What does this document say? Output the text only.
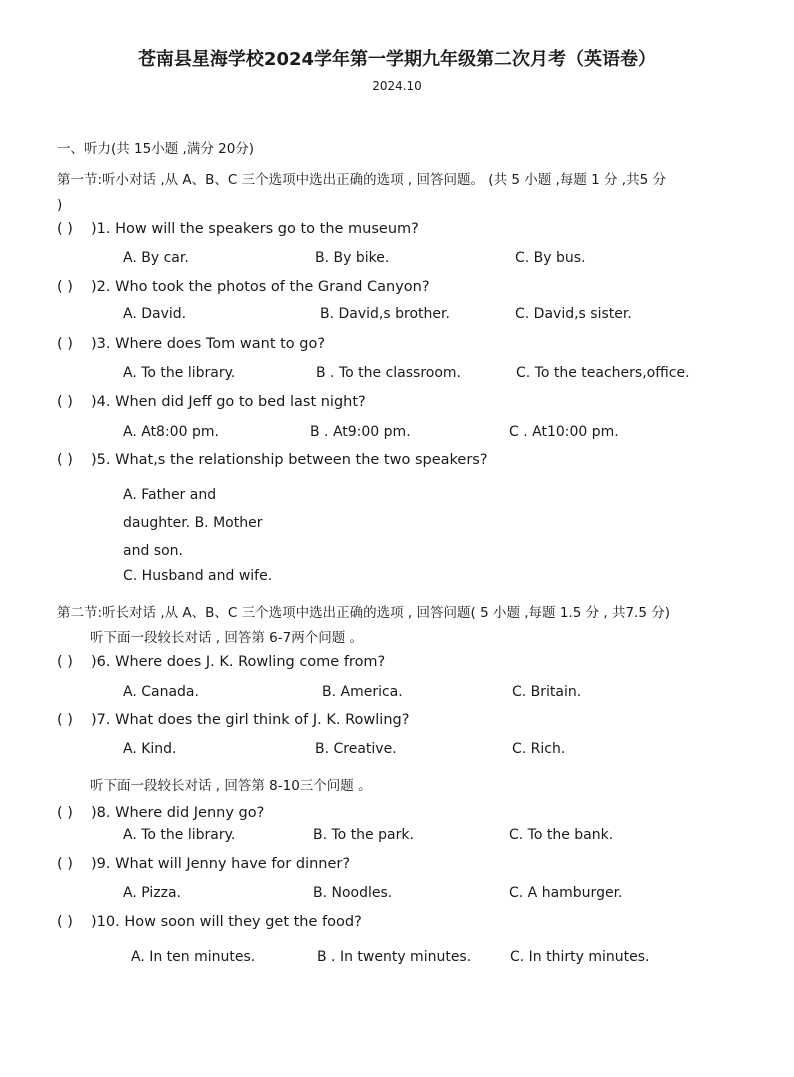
苍南县星海学校2024学年第一学期九年级第二次月考（英语卷）
2024.10
一、听力(共 15小题 ,满分 20分)
第一节:听小对话 ,从 A、B、C 三个选项中选出正确的选项 , 回答问题。 (共 5 小题 ,每题 1 分 ,共5 分
)
( ) )1. How will the speakers go to the museum?
A. By car.	B. By bike.	C. By bus.
( ) )2. Who took the photos of the Grand Canyon?
A. David.	B. David,s brother.	C. David,s sister.
( ) )3. Where does Tom want to go?
A. To the library.	B . To the classroom.	C. To the teachers,office.
( ) )4. When did Jeff go to bed last night?
A. At8:00 pm.	B . At9:00 pm.	C . At10:00 pm.
( ) )5. What,s the relationship between the two speakers?
A. Father and
daughter. B. Mother
and son.
C. Husband and wife.
第二节:听长对话 ,从 A、B、C 三个选项中选出正确的选项 , 回答问题( 5 小题 ,每题 1.5 分 , 共7.5 分)
听下面一段较长对话 , 回答第 6-7两个问题 。
( ) )6. Where does J. K. Rowling come from?
A. Canada.	B. America.	C. Britain.
( ) )7. What does the girl think of J. K. Rowling?
A. Kind.	B. Creative.	C. Rich.
听下面一段较长对话 , 回答第 8-10三个问题 。
( ) )8. Where did Jenny go?
A. To the library.	B. To the park.	C. To the bank.
( ) )9. What will Jenny have for dinner?
A. Pizza.	B. Noodles.	C. A hamburger.
( ) )10. How soon will they get the food?
A. In ten minutes.	B . In twenty minutes.	C. In thirty minutes.
